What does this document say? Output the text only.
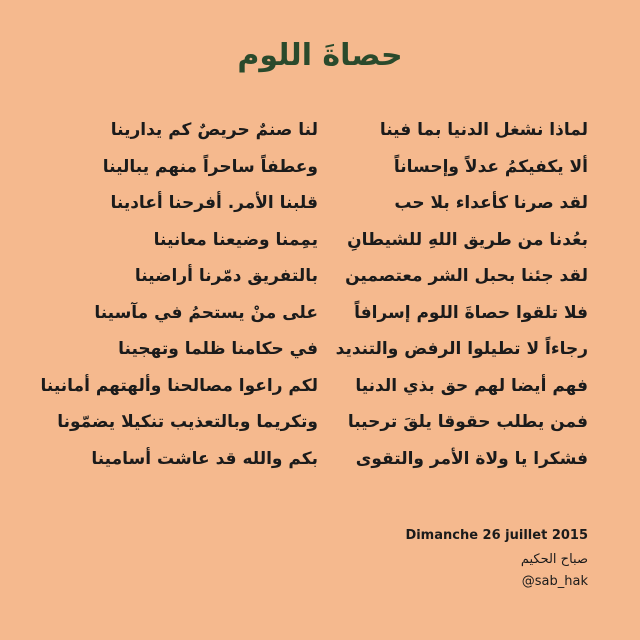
حصاةَ اللوم
لماذا نشغل الدنيا بما فينا
ألا يكفيكمُ عدلاً وإحساناً
لقد صرنا كأعداء بلا حب
بعُدنا من طريق اللهِ للشيطانِ
لقد جئنا بحبل الشر معتصمين
فلا تلقوا حصاةَ اللوم إسرافاً
رجاءاً لا تطيلوا الرفض والتنديد
فهم أيضا لهم حق بذي الدنيا
فمن يطلب حقوقا يلقَ ترحيبا
فشكرا يا ولاة الأمر والتقوى
لنا صنمٌ حريصٌ كم يدارينا
وعطفاً ساحراً منهم يبالينا
قلبنا الأمر. أفرحنا أعادينا
يمِمنا وضيعنا معانينا
بالتفريق دمّرنا أراضينا
على منْ يستحمُ في مآسينا
في حكامنا ظلما وتهجينا
لكم راعوا مصالحنا وألهتهم أمانينا
وتكريما وبالتعذيب تنكيلا يضمّونا
بكم والله قد عاشت أسامينا
Dimanche 26 juillet 2015
صباح الحكيم
@sab_hak
